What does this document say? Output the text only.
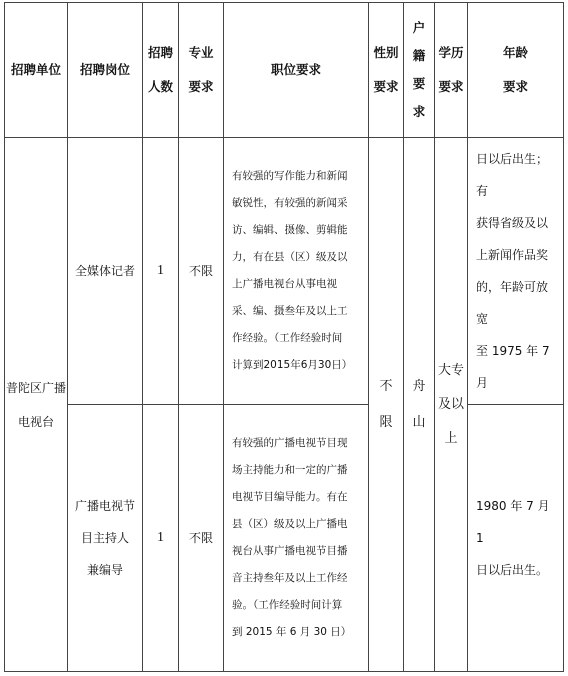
招聘单位 招聘岗位
招聘
人数
专业
要求
职位要求
性别
要求
户
籍
要
求
学历
要求
年龄
要求
普陀区广播
电视台
全媒体记者 1 不限
有较强的写作能力和新闻
敏锐性，有较强的新闻采
访、编辑、摄像、剪辑能
力，有在县（区）级及以
上广播电视台从事电视
采、编、摄叁年及以上工
作经验。（工作经验时间
计算到2015年6月30日）
不
限
舟
山
大专
及以
上
日以后出生；有
获得省级及以
上新闻作品奖
的，年龄可放宽
至 1975 年 7 月
广播电视节
目主持人
兼编导
1 不限
有较强的广播电视节目现
场主持能力和一定的广播
电视节目编导能力。有在
县（区）级及以上广播电
视台从事广播电视节目播
音主持叁年及以上工作经
验。（工作经验时间计算
到 2015 年 6 月 30 日）
1980 年 7 月 1
日以后出生。
